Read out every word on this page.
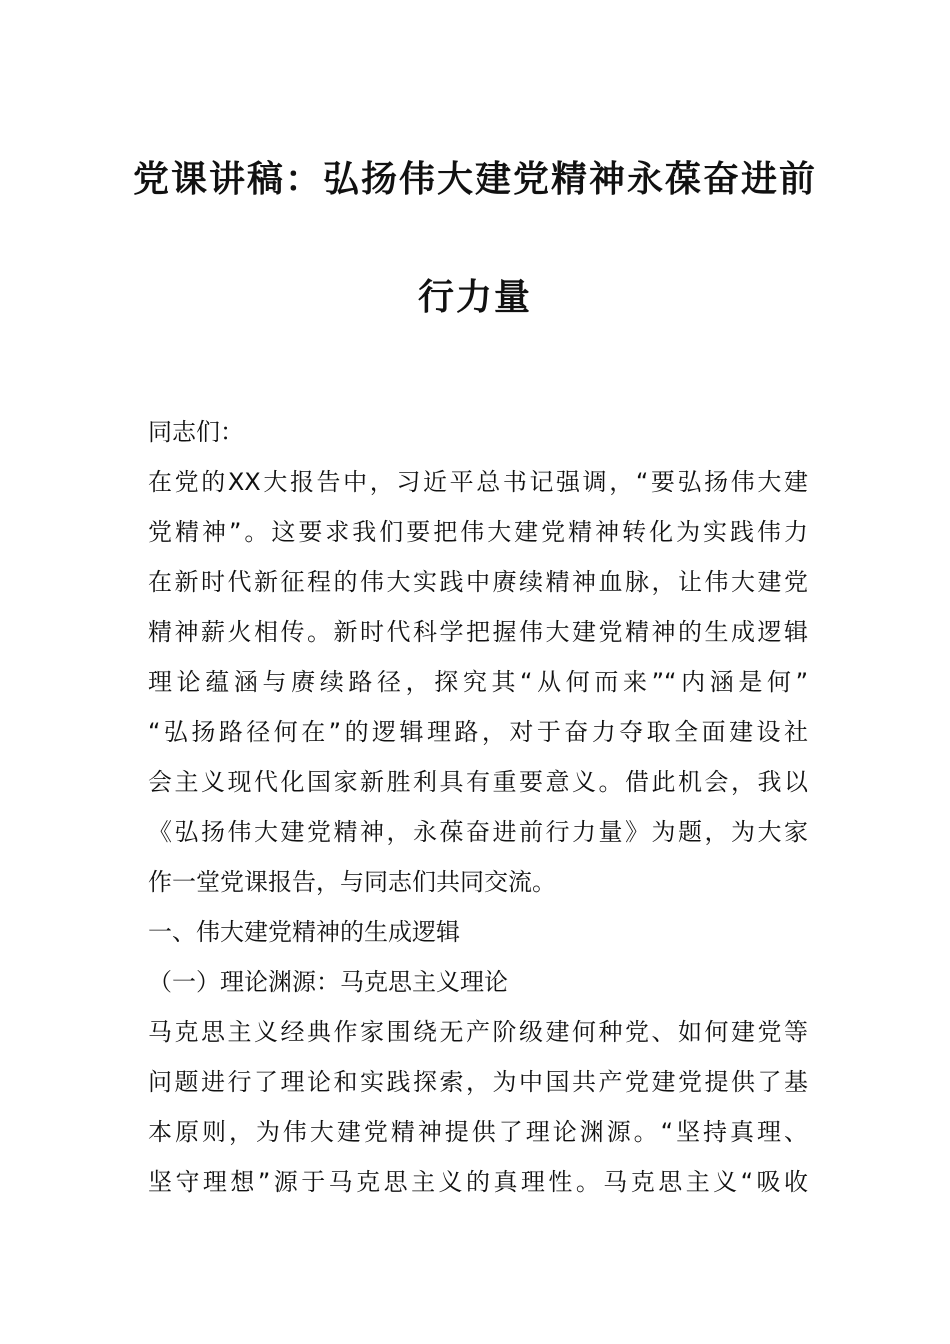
党课讲稿：弘扬伟大建党精神永葆奋进前
行力量
同志们：
在党的XX大报告中，习近平总书记强调，“要弘扬伟大建
党精神”。这要求我们要把伟大建党精神转化为实践伟力
在新时代新征程的伟大实践中赓续精神血脉，让伟大建党
精神薪火相传。新时代科学把握伟大建党精神的生成逻辑
理论蕴涵与赓续路径，探究其“从何而来”“内涵是何”
“弘扬路径何在”的逻辑理路，对于奋力夺取全面建设社
会主义现代化国家新胜利具有重要意义。借此机会，我以
《弘扬伟大建党精神，永葆奋进前行力量》为题，为大家
作一堂党课报告，与同志们共同交流。
一、伟大建党精神的生成逻辑
（一）理论渊源：马克思主义理论
马克思主义经典作家围绕无产阶级建何种党、如何建党等
问题进行了理论和实践探索，为中国共产党建党提供了基
本原则，为伟大建党精神提供了理论渊源。“坚持真理、
坚守理想”源于马克思主义的真理性。马克思主义“吸收
